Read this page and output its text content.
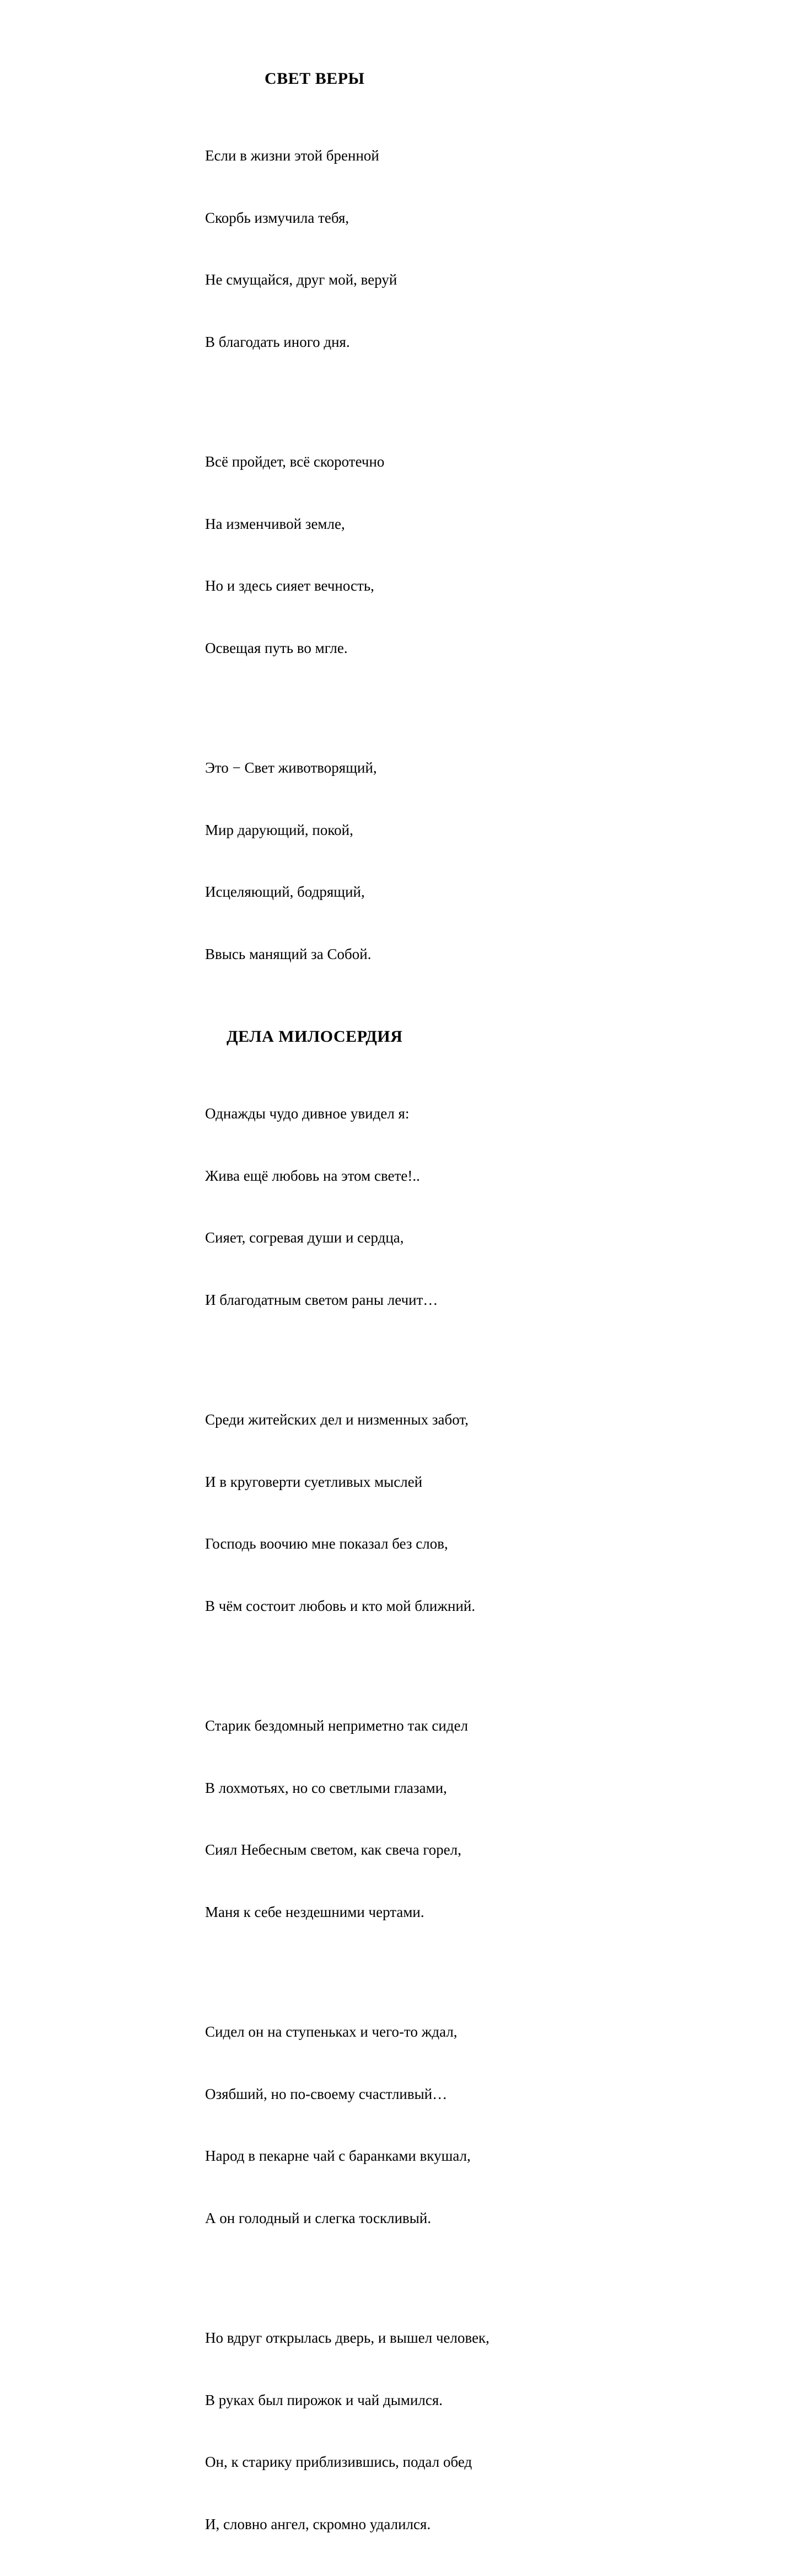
СВЕТ ВЕРЫ

Если в жизни этой бренной

Скорбь измучила тебя,

Не смущайся, друг мой, веруй

В благодать иного дня.

Всё пройдет, всё скоротечно

На изменчивой земле,

Но и здесь сияет вечность,

Освещая путь во мгле.

Это − Свет животворящий,

Мир дарующий, покой,

Исцеляющий, бодрящий,

Ввысь манящий за Собой.

ДЕЛА МИЛОСЕРДИЯ

Однажды чудо дивное увидел я:

Жива ещё любовь на этом свете!..

Сияет, согревая души и сердца,

И благодатным светом раны лечит…

Среди житейских дел и низменных забот,

И в круговерти суетливых мыслей

Господь воочию мне показал без слов,

В чём состоит любовь и кто мой ближний.

Старик бездомный неприметно так сидел

В лохмотьях, но со светлыми глазами,

Сиял Небесным светом, как свеча горел,

Маня к себе нездешними чертами.

Сидел он на ступеньках и чего-то ждал,

Озябший, но по-своему счастливый…

Народ в пекарне чай с баранками вкушал,

А он голодный и слегка тоскливый.

Но вдруг открылась дверь, и вышел человек,

В руках был пирожок и чай дымился.

Он, к старику приблизившись, подал обед

И, словно ангел, скромно удалился.
